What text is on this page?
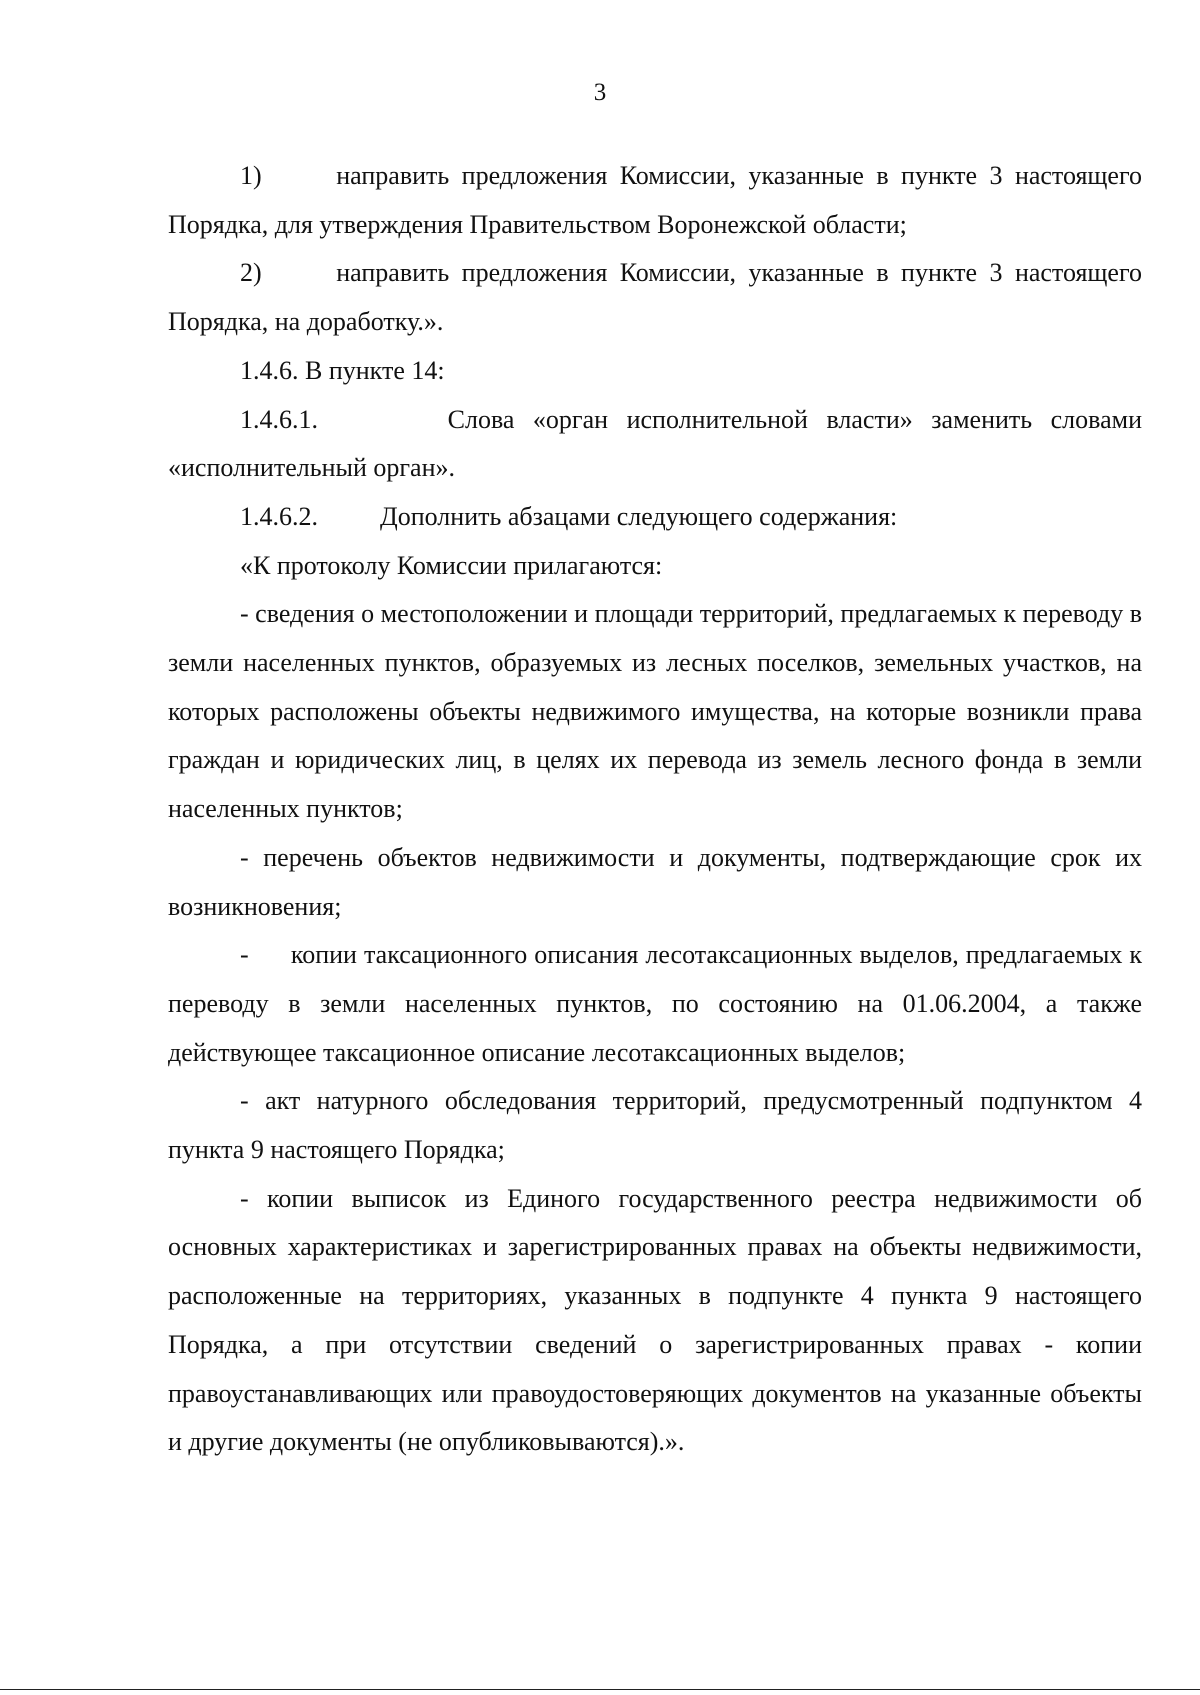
3

1)      направить предложения Комиссии, указанные в пункте 3 настоящего Порядка, для утверждения Правительством Воронежской области;

2)      направить предложения Комиссии, указанные в пункте 3 настоящего Порядка, на доработку.».

1.4.6. В пункте 14:

1.4.6.1.       Слова «орган исполнительной власти» заменить словами «исполнительный орган».

1.4.6.2.	Дополнить абзацами следующего содержания:

«К протоколу Комиссии прилагаются:

- сведения о местоположении и площади территорий, предлагаемых к переводу в земли населенных пунктов, образуемых из лесных поселков, земельных участков, на которых расположены объекты недвижимого имущества, на которые возникли права граждан и юридических лиц, в целях их перевода из земель лесного фонда в земли населенных пунктов;

- перечень объектов недвижимости и документы, подтверждающие срок их возникновения;

-      копии таксационного описания лесотаксационных выделов, предлагаемых к переводу в земли населенных пунктов, по состоянию на 01.06.2004, а также действующее таксационное описание лесотаксационных выделов;

- акт натурного обследования территорий, предусмотренный подпунктом 4 пункта 9 настоящего Порядка;

- копии выписок из Единого государственного реестра недвижимости об основных характеристиках и зарегистрированных правах на объекты недвижимости, расположенные на территориях, указанных в подпункте 4 пункта 9 настоящего Порядка, а при отсутствии сведений о зарегистрированных правах - копии правоустанавливающих или правоудостоверяющих документов на указанные объекты и другие документы (не опубликовываются).».
